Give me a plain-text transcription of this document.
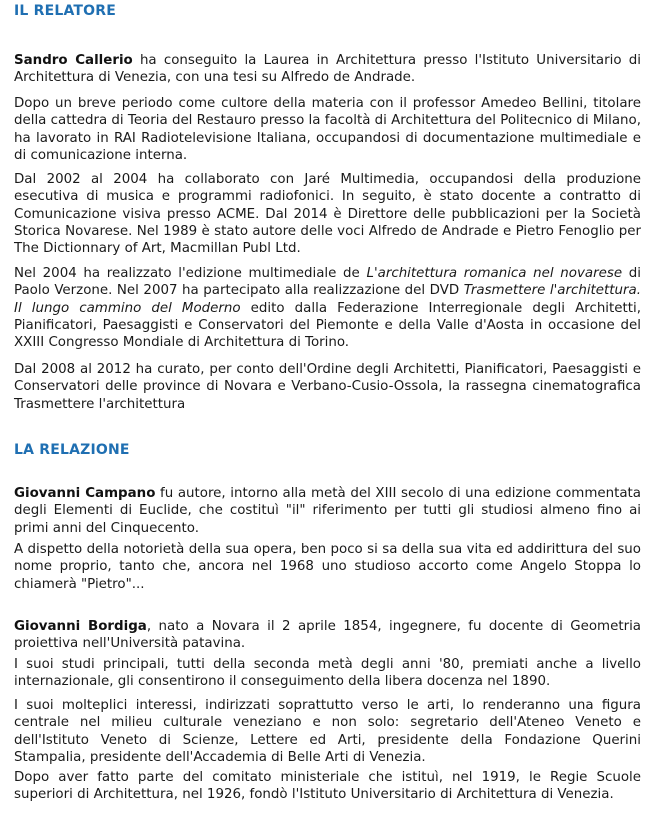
IL RELATORE

Sandro Callerio ha conseguito la Laurea in Architettura presso l'Istituto Universitario di Architettura di Venezia, con una tesi su Alfredo de Andrade.

Dopo un breve periodo come cultore della materia con il professor Amedeo Bellini, titolare della cattedra di Teoria del Restauro presso la facoltà di Architettura del Politecnico di Milano, ha lavorato in RAI Radiotelevisione Italiana, occupandosi di documentazione multimediale e di comunicazione interna.

Dal 2002 al 2004 ha collaborato con Jaré Multimedia, occupandosi della produzione esecutiva di musica e programmi radiofonici. In seguito, è stato docente a contratto di Comunicazione visiva presso ACME. Dal 2014 è Direttore delle pubblicazioni per la Società Storica Novarese. Nel 1989 è stato autore delle voci Alfredo de Andrade e Pietro Fenoglio per The Dictionnary of Art, Macmillan Publ Ltd.

Nel 2004 ha realizzato l'edizione multimediale de L'architettura romanica nel novarese di Paolo Verzone. Nel 2007 ha partecipato alla realizzazione del DVD Trasmettere l'architettura. Il lungo cammino del Moderno edito dalla Federazione Interregionale degli Architetti, Pianificatori, Paesaggisti e Conservatori del Piemonte e della Valle d'Aosta in occasione del XXIII Congresso Mondiale di Architettura di Torino.

Dal 2008 al 2012 ha curato, per conto dell'Ordine degli Architetti, Pianificatori, Paesaggisti e Conservatori delle province di Novara e Verbano-Cusio-Ossola, la rassegna cinematografica Trasmettere l'architettura

LA RELAZIONE

Giovanni Campano fu autore, intorno alla metà del XIII secolo di una edizione commentata degli Elementi di Euclide, che costituì "il" riferimento per tutti gli studiosi almeno fino ai primi anni del Cinquecento.

A dispetto della notorietà della sua opera, ben poco si sa della sua vita ed addirittura del suo nome proprio, tanto che, ancora nel 1968 uno studioso accorto come Angelo Stoppa lo chiamerà "Pietro"...

Giovanni Bordiga, nato a Novara il 2 aprile 1854, ingegnere, fu docente di Geometria proiettiva nell'Università patavina.

I suoi studi principali, tutti della seconda metà degli anni '80, premiati anche a livello internazionale, gli consentirono il conseguimento della libera docenza nel 1890.

I suoi molteplici interessi, indirizzati soprattutto verso le arti, lo renderanno una figura centrale nel milieu culturale veneziano e non solo: segretario dell'Ateneo Veneto e dell'Istituto Veneto di Scienze, Lettere ed Arti, presidente della Fondazione Querini Stampalia, presidente dell'Accademia di Belle Arti di Venezia.

Dopo aver fatto parte del comitato ministeriale che istituì, nel 1919, le Regie Scuole superiori di Architettura, nel 1926, fondò l'Istituto Universitario di Architettura di Venezia.
